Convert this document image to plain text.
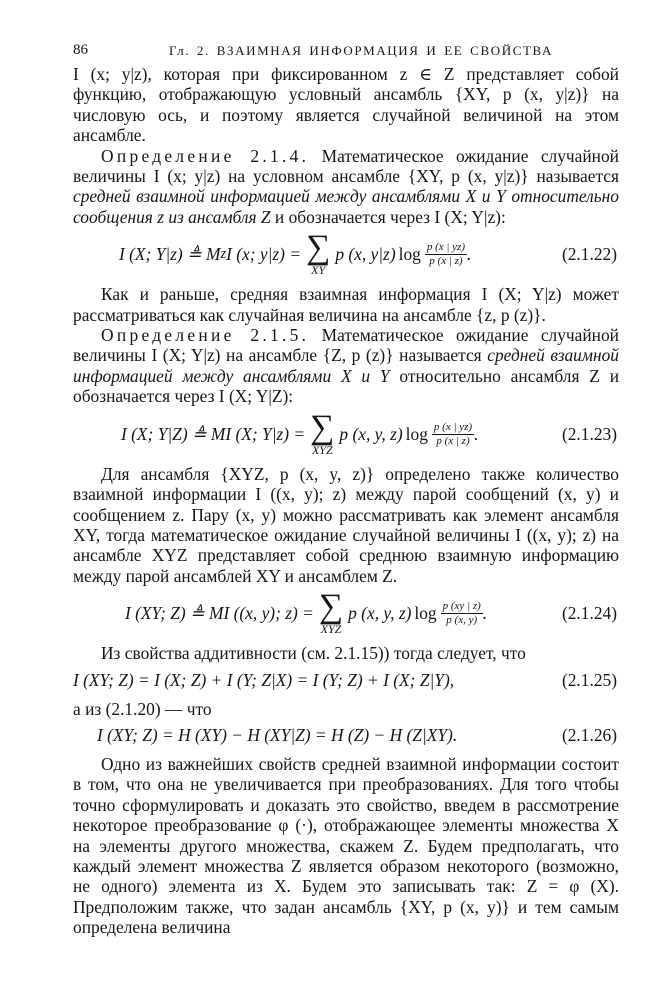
86	Гл. 2. ВЗАИМНАЯ ИНФОРМАЦИЯ И ЕЕ СВОЙСТВА

I (x; y|z), которая при фиксированном z ∈ Z представляет собой функцию, отображающую условный ансамбль {XY, p (x, y|z)} на числовую ось, и поэтому является случайной величиной на этом ансамбле.

Определение 2.1.4. Математическое ожидание случайной величины I (x; y|z) на условном ансамбле {XY, p (x, y|z)} называется средней взаимной информацией между ансамблями X и Y относительно сообщения z из ансамбля Z и обозначается через I (X; Y|z):

I (X; Y|z) ≜ M z I (x; y|z) = ∑
XY
p (x, y|z) $\log \frac{p (x | yz)}{p (x | z)}$ .	(2.1.22)

Как и раньше, средняя взаимная информация I (X; Y|z) может рассматриваться как случайная величина на ансамбле {z, p (z)}.

Определение 2.1.5. Математическое ожидание случайной величины I (X; Y|z) на ансамбле {Z, p (z)} называется средней взаимной информацией между ансамблями X и Y относительно ансамбля Z и обозначается через I (X; Y|Z):

I (X; Y|Z) ≜ MI (X; Y|z) = ∑
XYZ
p (x, y, z) $\log \frac{p (x | yz)}{p (x | z)}$ .	(2.1.23)

Для ансамбля {XYZ, p (x, y, z)} определено также количество взаимной информации I ((x, y); z) между парой сообщений (x, y) и сообщением z. Пару (x, y) можно рассматривать как элемент ансамбля XY, тогда математическое ожидание случайной величины I ((x, y); z) на ансамбле XYZ представляет собой среднюю взаимную информацию между парой ансамблей XY и ансамблем Z.

I (XY; Z) ≜ MI ((x, y); z) = ∑
XYZ
p (x, y, z) $\log \frac{p (xy | z)}{p (x, y)}$ .	(2.1.24)

Из свойства аддитивности (см. 2.1.15)) тогда следует, что

I (XY; Z) = I (X; Z) + I (Y; Z|X) = I (Y; Z) + I (X; Z|Y),	(2.1.25)

а из (2.1.20) — что

I (XY; Z) = H (XY) − H (XY|Z) = H (Z) − H (Z|XY).	(2.1.26)

Одно из важнейших свойств средней взаимной информации состоит в том, что она не увеличивается при преобразованиях. Для того чтобы точно сформулировать и доказать это свойство, введем в рассмотрение некоторое преобразование φ (·), отображающее элементы множества X на элементы другого множества, скажем Z. Будем предполагать, что каждый элемент множества Z является образом некоторого (возможно, не одного) элемента из X. Будем это записывать так: Z = φ (X). Предположим также, что задан ансамбль {XY, p (x, y)} и тем самым определена величина
